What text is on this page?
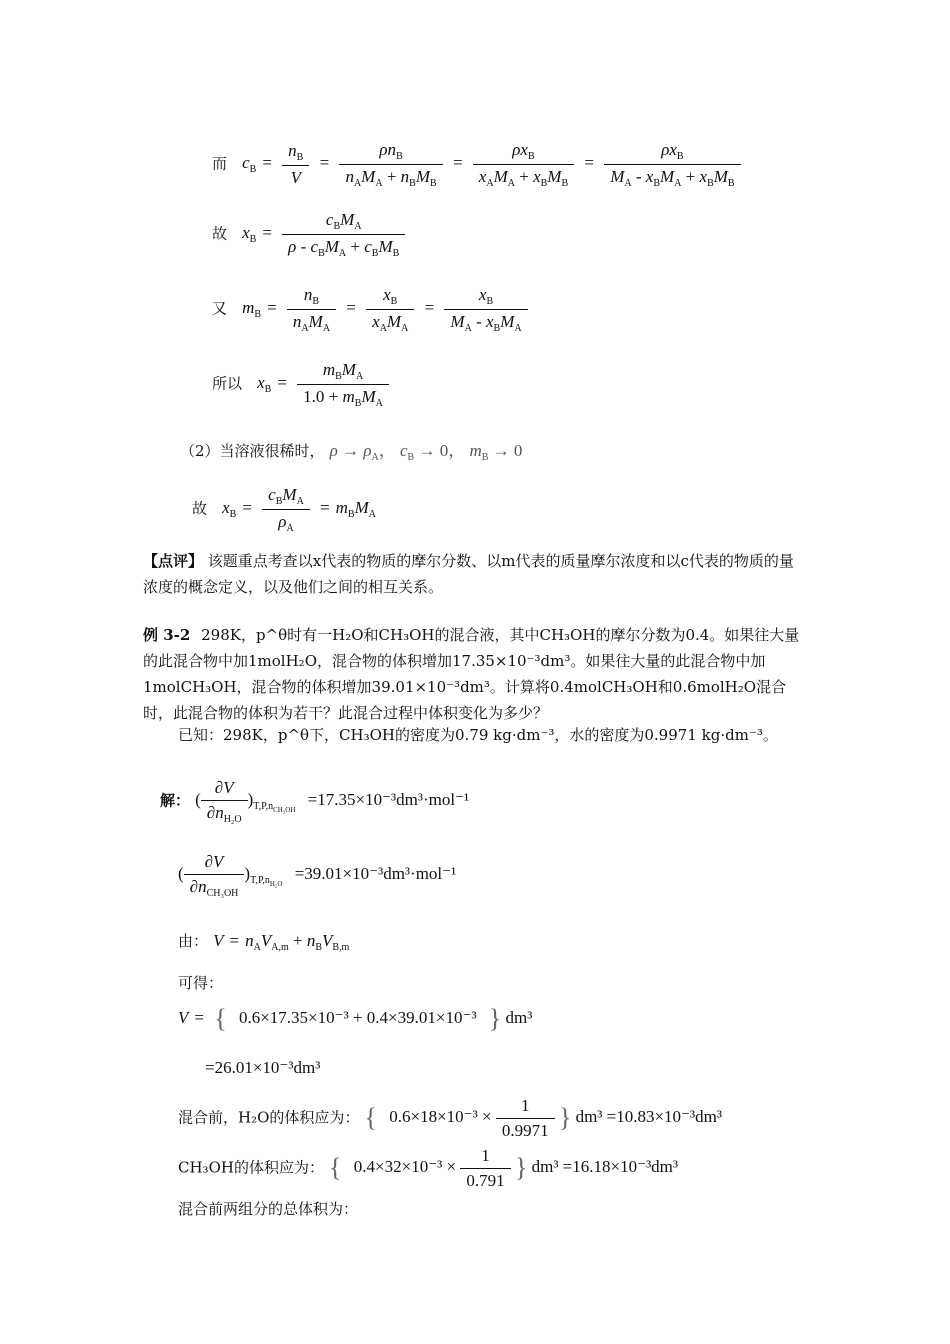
而 $c_B = \frac{n_B}{V}$ =
$\rho n_B$
$n_AM_A + n_BM_B$
=
$\rho x_B$
$x_AM_A + x_BM_B$
=
$\rho x_B$
$M_A - x_BM_A + x_BM_B$
故 $x_B$ =
$c_BM_A$
$\rho - c_BM_A + c_BM_B$
又 $m_B$ =
$n_B$
$n_AM_A$
=
$x_B$
$x_AM_A$
=
$x_B$
$M_A - x_BM_A$
所以 $x_B$ =
$m_BM_A$
$1.0 + m_BM_A$
（2）当溶液很稀时， $\rho \to \rho_A$， $c_B \to 0$， $m_B \to 0$
故 $x_B$ =
$c_BM_A$
$\rho_A$
= $m_BM_A$
【点评】 该题重点考查以x代表的物质的摩尔分数、以m代表的质量摩尔浓度和以c代表的物质的量浓度的概念定义，以及他们之间的相互关系。
例 3-2 298K，p^θ时有一H₂O和CH₃OH的混合液，其中CH₃OH的摩尔分数为0.4。如果往大量的此混合物中加1molH₂O，混合物的体积增加17.35×10⁻³dm³。如果往大量的此混合物中加1molCH₃OH，混合物的体积增加39.01×10⁻³dm³。计算将0.4molCH₃OH和0.6molH₂O混合时，此混合物的体积为若干？此混合过程中体积变化为多少？
已知：298K，p^θ下，CH₃OH的密度为0.79 kg·dm⁻³，水的密度为0.9971 kg·dm⁻³。
解： ( $\frac{\partial V}{\partial n_{H_2O}} )_{T,P,n_{CH_3OH}} =17.35\times 10^{-3}dm^3\cdot mol^{-1}$
(
∂V
$\partial n_{CH_3OH}$
)$_{T,P,n_{H_2O}} =39.01\times 10^{-3}dm^3\cdot mol^{-1}$
由： $V = n_AV_{A,m} + n_BV_{B,m}$
可得：
V = { 0.6×17.35×10⁻³ + 0.4×39.01×10⁻³ } dm³
=26.01×10⁻³dm³
混合前，H₂O的体积应为： { $0.6\times 18\times 10^{-3} \times \frac{1}{0.9971}$ } dm³ =10.83×10⁻³dm³
CH₃OH的体积应为： { $0.4\times 32\times 10^{-3} \times \frac{1}{0.791}$ } dm³ =16.18×10⁻³dm³
混合前两组分的总体积为：
